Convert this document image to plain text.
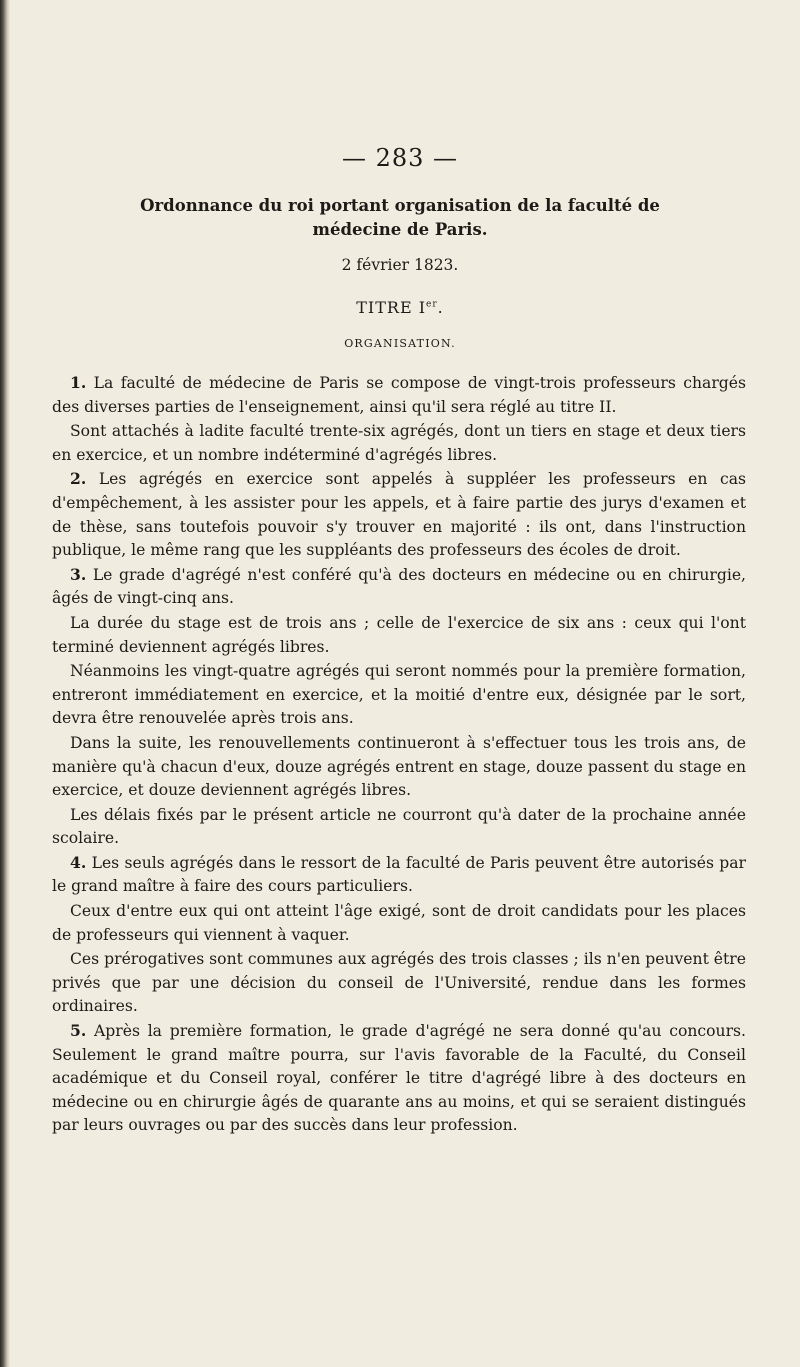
— 283 —
Ordonnance du roi portant organisation de la faculté de
médecine de Paris.
2 février 1823.
TITRE Ier.
ORGANISATION.

1. La faculté de médecine de Paris se compose de vingt-trois professeurs chargés des diverses parties de l'enseignement, ainsi qu'il sera réglé au titre II.

Sont attachés à ladite faculté trente-six agrégés, dont un tiers en stage et deux tiers en exercice, et un nombre indéterminé d'agrégés libres.

2. Les agrégés en exercice sont appelés à suppléer les professeurs en cas d'empêchement, à les assister pour les appels, et à faire partie des jurys d'examen et de thèse, sans toutefois pouvoir s'y trouver en majorité : ils ont, dans l'instruction publique, le même rang que les suppléants des professeurs des écoles de droit.

3. Le grade d'agrégé n'est conféré qu'à des docteurs en médecine ou en chirurgie, âgés de vingt-cinq ans.

La durée du stage est de trois ans ; celle de l'exercice de six ans : ceux qui l'ont terminé deviennent agrégés libres.

Néanmoins les vingt-quatre agrégés qui seront nommés pour la première formation, entreront immédiatement en exercice, et la moitié d'entre eux, désignée par le sort, devra être renouvelée après trois ans.

Dans la suite, les renouvellements continueront à s'effectuer tous les trois ans, de manière qu'à chacun d'eux, douze agrégés entrent en stage, douze passent du stage en exercice, et douze deviennent agrégés libres.

Les délais fixés par le présent article ne courront qu'à dater de la prochaine année scolaire.

4. Les seuls agrégés dans le ressort de la faculté de Paris peuvent être autorisés par le grand maître à faire des cours particuliers.

Ceux d'entre eux qui ont atteint l'âge exigé, sont de droit candidats pour les places de professeurs qui viennent à vaquer.

Ces prérogatives sont communes aux agrégés des trois classes ; ils n'en peuvent être privés que par une décision du conseil de l'Université, rendue dans les formes ordinaires.

5. Après la première formation, le grade d'agrégé ne sera donné qu'au concours. Seulement le grand maître pourra, sur l'avis favorable de la Faculté, du Conseil académique et du Conseil royal, conférer le titre d'agrégé libre à des docteurs en médecine ou en chirurgie âgés de quarante ans au moins, et qui se seraient distingués par leurs ouvrages ou par des succès dans leur profession.
